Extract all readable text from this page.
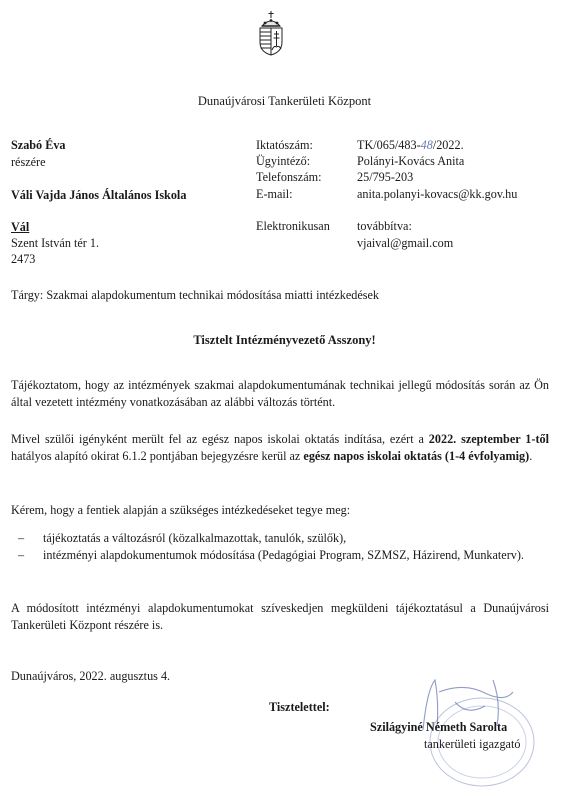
Dunaújvárosi Tankerületi Központ
Szabó Éva
részére
Váli Vajda János Általános Iskola
Vál
Szent István tér 1.
2473
Iktatószám:	TK/065/483-48/2022.
Ügyintéző:	Polányi-Kovács Anita
Telefonszám:	25/795-203
E-mail:	anita.polanyi-kovacs@kk.gov.hu
Elektronikusan továbbítva:
vjaival@gmail.com
Tárgy: Szakmai alapdokumentum technikai módosítása miatti intézkedések
Tisztelt Intézményvezető Asszony!
Tájékoztatom, hogy az intézmények szakmai alapdokumentumának technikai jellegű módosítás során az Ön által vezetett intézmény vonatkozásában az alábbi változás történt.
Mivel szülői igényként merült fel az egész napos iskolai oktatás indítása, ezért a 2022. szeptember 1-től hatályos alapító okirat 6.1.2 pontjában bejegyzésre kerül az egész napos iskolai oktatás (1-4 évfolyamig).
Kérem, hogy a fentiek alapján a szükséges intézkedéseket tegye meg:
–	tájékoztatás a változásról (közalkalmazottak, tanulók, szülők),
–	intézményi alapdokumentumok módosítása (Pedagógiai Program, SZMSZ, Házirend, Munkaterv).
A módosított intézményi alapdokumentumokat szíveskedjen megküldeni tájékoztatásul a Dunaújvárosi Tankerületi Központ részére is.
Dunaújváros, 2022. augusztus 4.
Tisztelettel:
Szilágyiné Németh Sarolta
tankerületi igazgató
